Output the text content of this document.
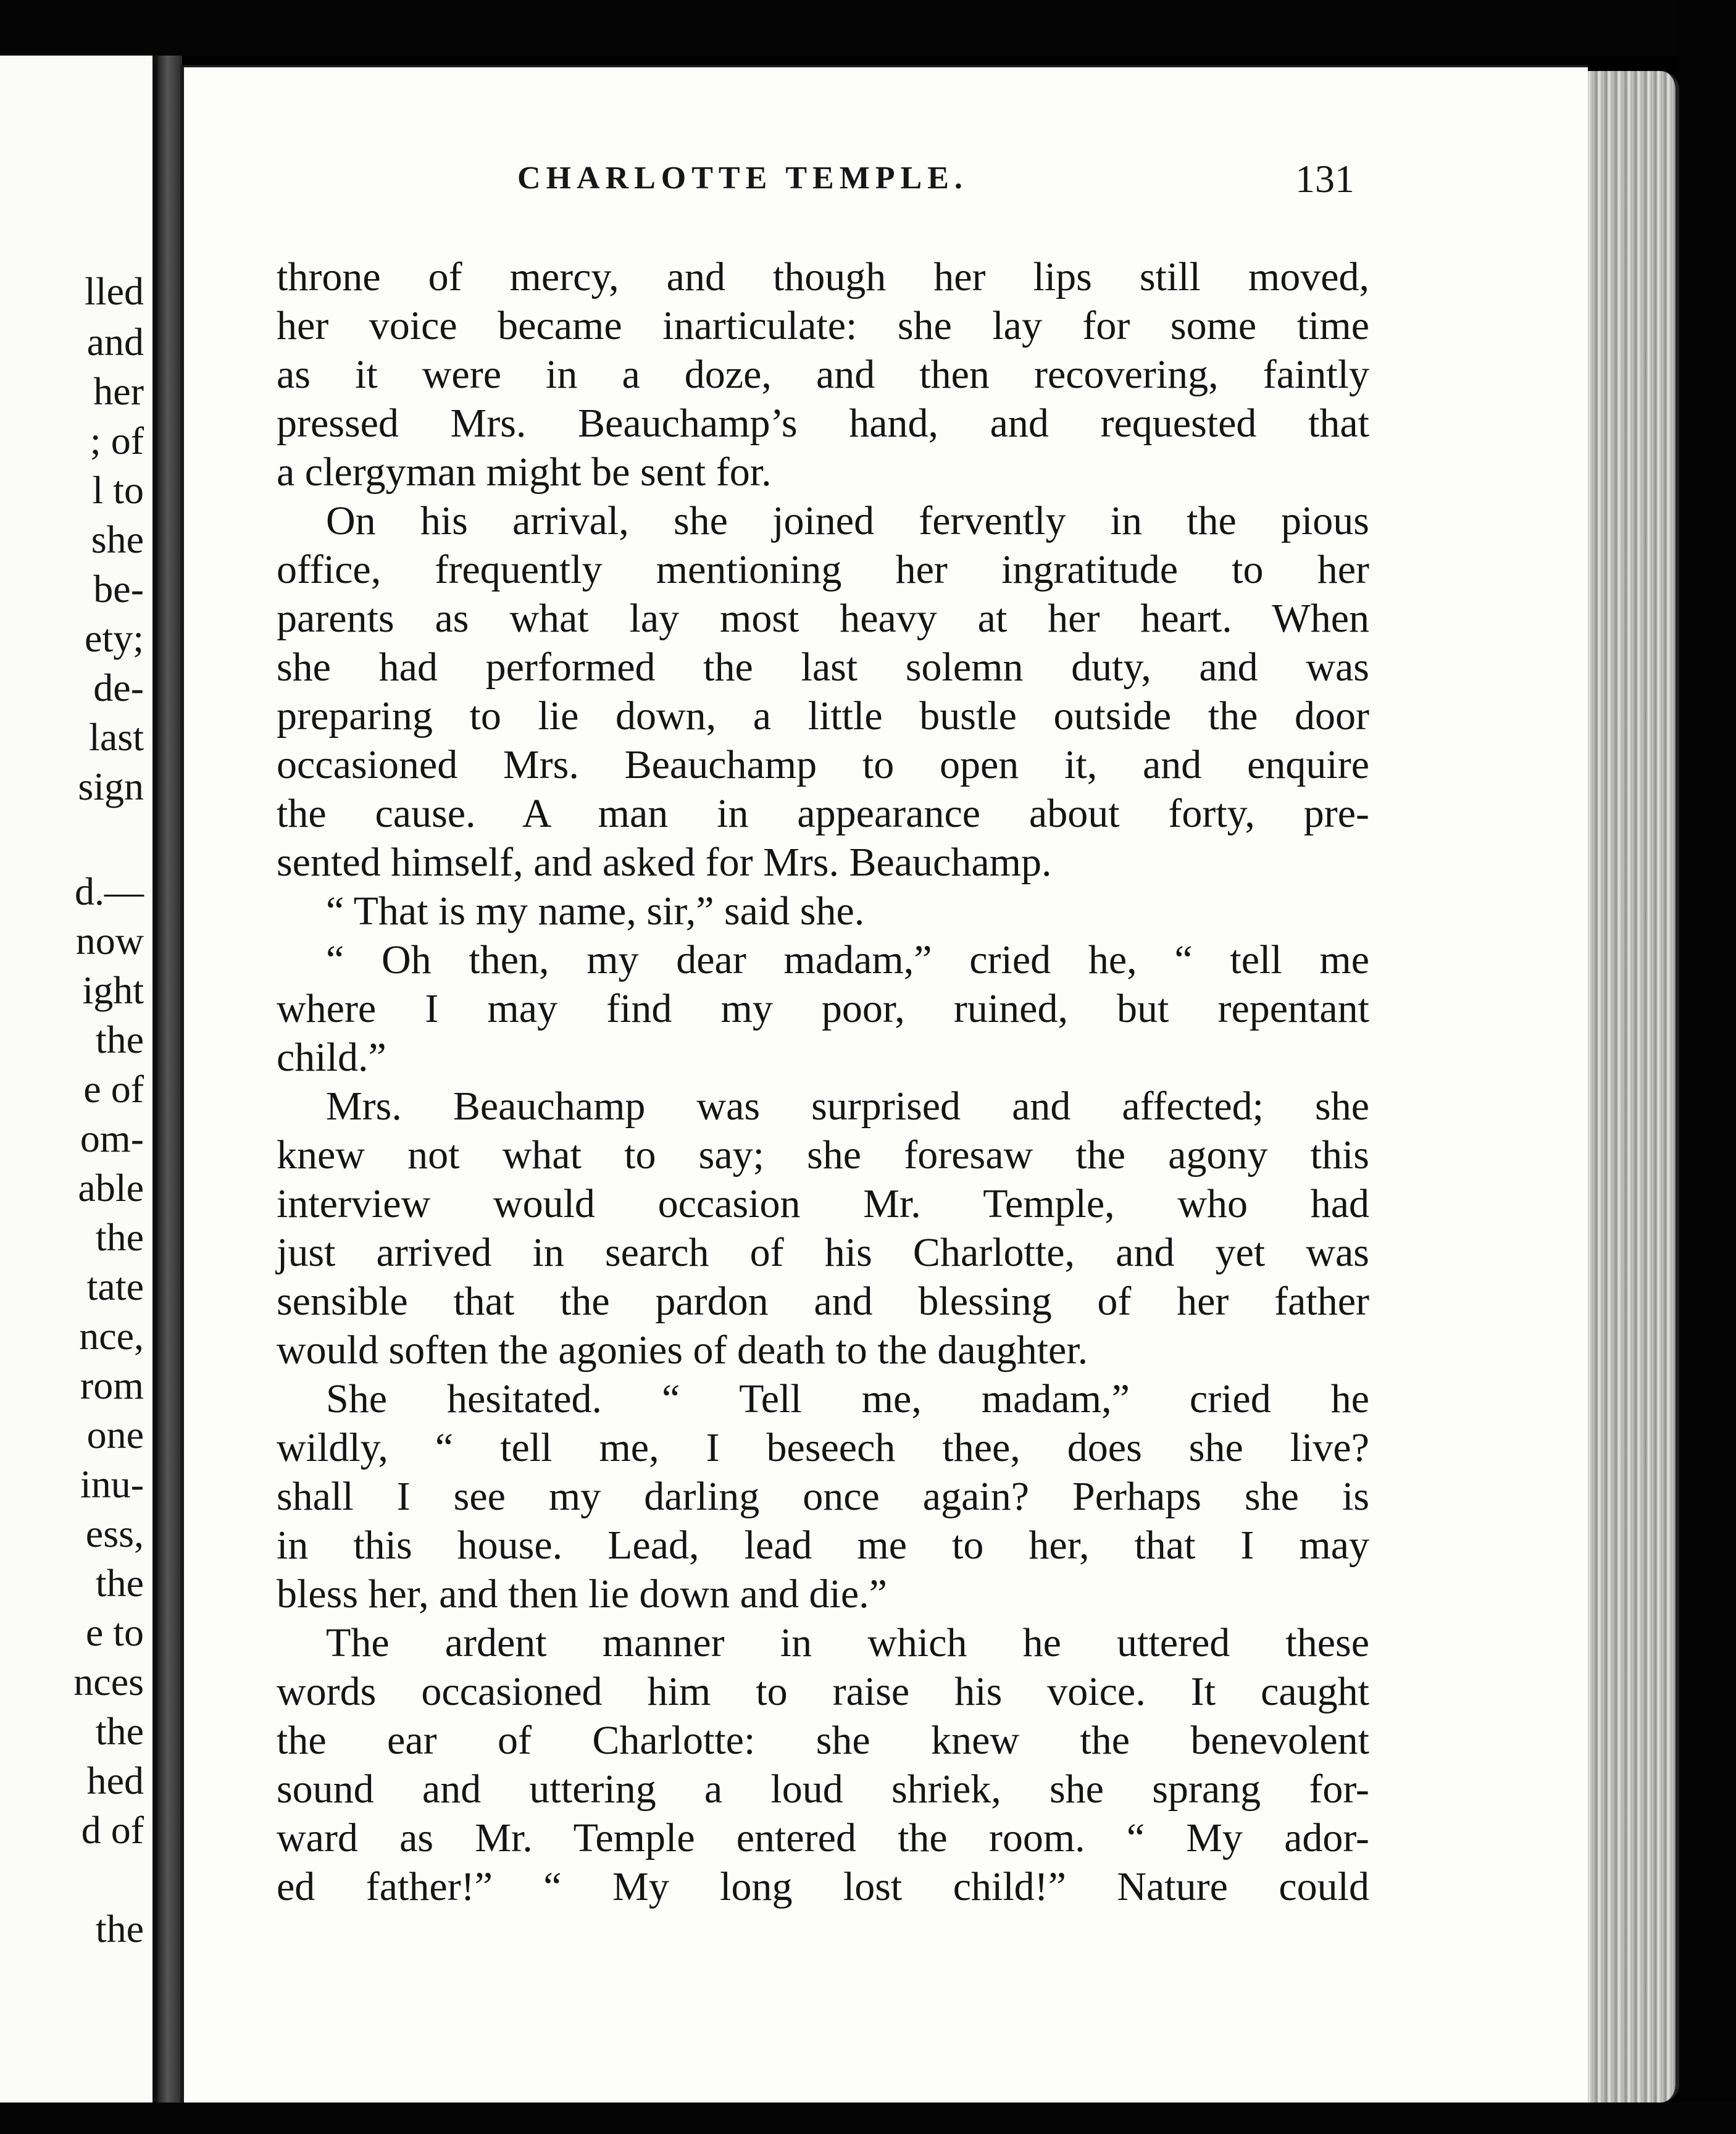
lled
and
her
; of
l to
she
be-
ety;
de-
last
sign
d.—
now
ight
the
e of
om-
able
the
tate
nce,
rom
one
inu-
ess,
the
e to
nces
the
hed
d of
the
CHARLOTTE TEMPLE.	131
throne of mercy, and though her lips still moved,
her voice became inarticulate: she lay for some time
as it were in a doze, and then recovering, faintly
pressed Mrs. Beauchamp’s hand, and requested that
a clergyman might be sent for.
On his arrival, she joined fervently in the pious
office, frequently mentioning her ingratitude to her
parents as what lay most heavy at her heart. When
she had performed the last solemn duty, and was
preparing to lie down, a little bustle outside the door
occasioned Mrs. Beauchamp to open it, and enquire
the cause. A man in appearance about forty, pre-
sented himself, and asked for Mrs. Beauchamp.
“ That is my name, sir,” said she.
“ Oh then, my dear madam,” cried he, “ tell me
where I may find my poor, ruined, but repentant
child.”
Mrs. Beauchamp was surprised and affected; she
knew not what to say; she foresaw the agony this
interview would occasion Mr. Temple, who had
just arrived in search of his Charlotte, and yet was
sensible that the pardon and blessing of her father
would soften the agonies of death to the daughter.
She hesitated. “ Tell me, madam,” cried he
wildly, “ tell me, I beseech thee, does she live?
shall I see my darling once again? Perhaps she is
in this house. Lead, lead me to her, that I may
bless her, and then lie down and die.”
The ardent manner in which he uttered these
words occasioned him to raise his voice. It caught
the ear of Charlotte: she knew the benevolent
sound and uttering a loud shriek, she sprang for-
ward as Mr. Temple entered the room. “ My ador-
ed father!” “ My long lost child!” Nature could
